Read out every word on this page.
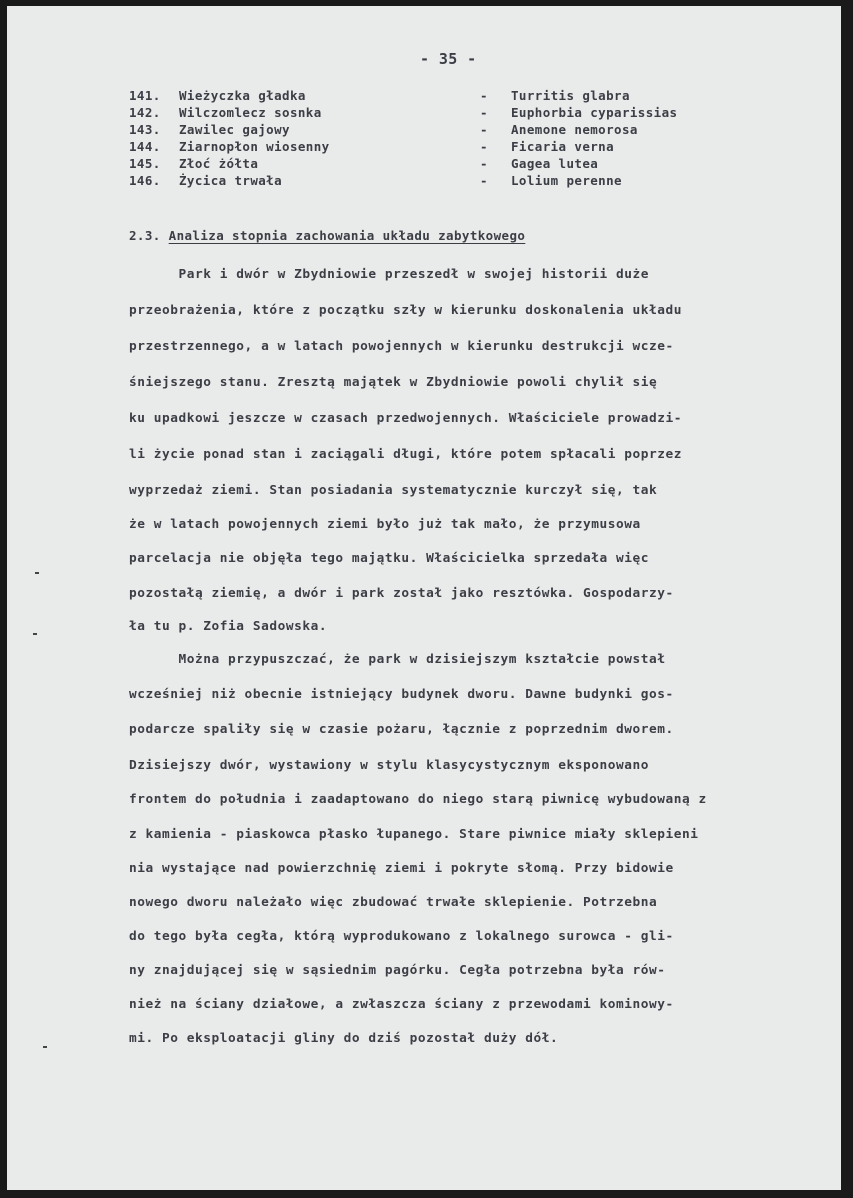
- 35 -
141.	Wieżyczka gładka	- Turritis glabra
142.	Wilczomlecz sosnka	- Euphorbia cyparissias
143.	Zawilec gajowy	- Anemone nemorosa
144.	Ziarnopłon wiosenny	- Ficaria verna
145.	Złoć żółta	- Gagea lutea
146.	Życica trwała	- Lolium perenne
2.3. Analiza stopnia zachowania układu zabytkowego
Park i dwór w Zbydniowie przeszedł w swojej historii duże
przeobrażenia, które z początku szły w kierunku doskonalenia układu
przestrzennego, a w latach powojennych w kierunku destrukcji wcze-
śniejszego stanu. Zresztą majątek w Zbydniowie powoli chylił się
ku upadkowi jeszcze w czasach przedwojennych. Właściciele prowadzi-
li życie ponad stan i zaciągali długi, które potem spłacali poprzez
wyprzedaż ziemi. Stan posiadania systematycznie kurczył się, tak
że w latach powojennych ziemi było już tak mało, że przymusowa
parcelacja nie objęła tego majątku. Właścicielka sprzedała więc
pozostałą ziemię, a dwór i park został jako resztówka. Gospodarzy-
ła tu p. Zofia Sadowska.
Można przypuszczać, że park w dzisiejszym kształcie powstał
wcześniej niż obecnie istniejący budynek dworu. Dawne budynki gos-
podarcze spaliły się w czasie pożaru, łącznie z poprzednim dworem.
Dzisiejszy dwór, wystawiony w stylu klasycystycznym eksponowano
frontem do południa i zaadaptowano do niego starą piwnicę wybudowaną z
z kamienia - piaskowca płasko łupanego. Stare piwnice miały sklepieni
nia wystające nad powierzchnię ziemi i pokryte słomą. Przy bidowie
nowego dworu należało więc zbudować trwałe sklepienie. Potrzebna
do tego była cegła, którą wyprodukowano z lokalnego surowca - gli-
ny znajdującej się w sąsiednim pagórku. Cegła potrzebna była rów-
nież na ściany działowe, a zwłaszcza ściany z przewodami kominowy-
mi. Po eksploatacji gliny do dziś pozostał duży dół.
